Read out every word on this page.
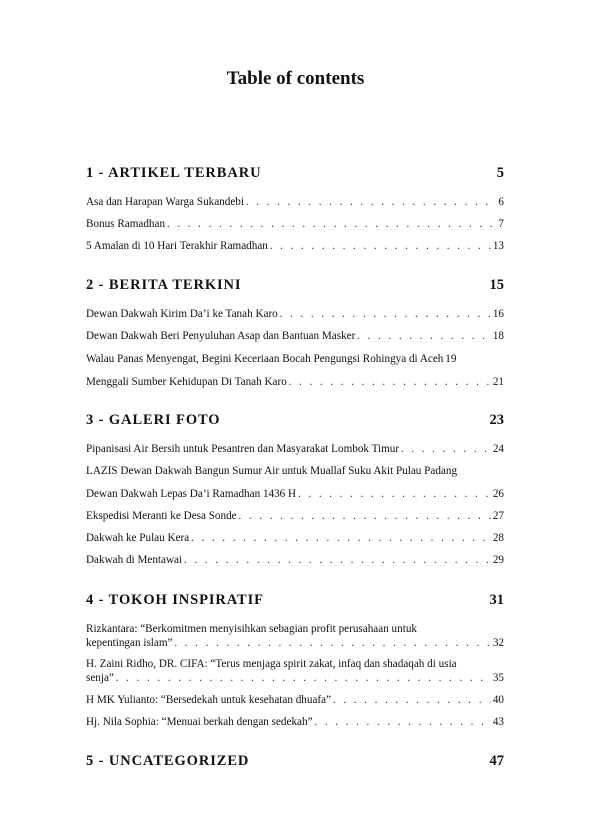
Table of contents
1 - ARTIKEL TERBARU	5
Asa dan Harapan Warga Sukandebi . . .	6
Bonus Ramadhan . . .	7
5 Amalan di 10 Hari Terakhir Ramadhan . . .	13
2 - BERITA TERKINI	15
Dewan Dakwah Kirim Da’i ke Tanah Karo . . .	16
Dewan Dakwah Beri Penyuluhan Asap dan Bantuan Masker . . .	18
Walau Panas Menyengat, Begini Keceriaan Bocah Pengungsi Rohingya di Aceh 19
Menggali Sumber Kehidupan Di Tanah Karo . . .	21
3 - GALERI FOTO	23
Pipanisasi Air Bersih untuk Pesantren dan Masyarakat Lombok Timur . . .	24
LAZIS Dewan Dakwah Bangun Sumur Air untuk Muallaf Suku Akit Pulau Padang
Dewan Dakwah Lepas Da’i Ramadhan 1436 H . . .	26
Ekspedisi Meranti ke Desa Sonde . . .	27
Dakwah ke Pulau Kera . . .	28
Dakwah di Mentawai . . .	29
4 - TOKOH INSPIRATIF	31
Rizkantara: “Berkomitmen menyisihkan sebagian profit perusahaan untuk
kepentingan islam” . . .	32
H. Zaini Ridho, DR. CIFA: “Terus menjaga spirit zakat, infaq dan shadaqah di usia
senja” . . .	35
H MK Yulianto: “Bersedekah untuk kesehatan dhuafa” . . .	40
Hj. Nila Sophia: “Menuai berkah dengan sedekah” . . .	43
5 - UNCATEGORIZED	47
